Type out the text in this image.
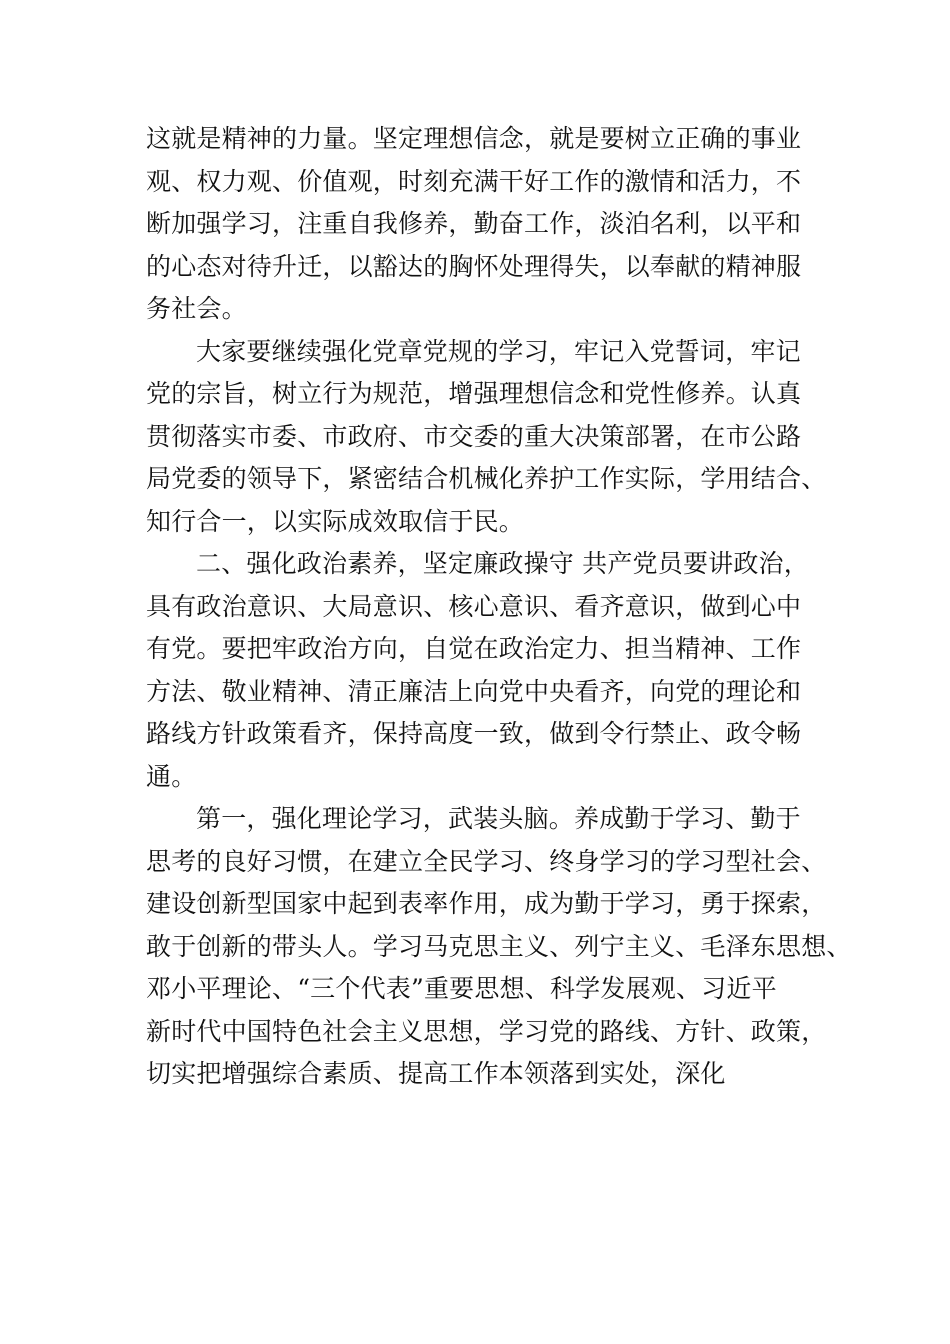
这就是精神的力量。坚定理想信念，就是要树立正确的事业
观、权力观、价值观，时刻充满干好工作的激情和活力，不
断加强学习，注重自我修养，勤奋工作，淡泊名利，以平和
的心态对待升迁，以豁达的胸怀处理得失，以奉献的精神服
务社会。
大家要继续强化党章党规的学习，牢记入党誓词，牢记
党的宗旨，树立行为规范，增强理想信念和党性修养。认真
贯彻落实市委、市政府、市交委的重大决策部署，在市公路
局党委的领导下，紧密结合机械化养护工作实际，学用结合、
知行合一，以实际成效取信于民。
二、强化政治素养，坚定廉政操守 共产党员要讲政治，
具有政治意识、大局意识、核心意识、看齐意识，做到心中
有党。要把牢政治方向，自觉在政治定力、担当精神、工作
方法、敬业精神、清正廉洁上向党中央看齐，向党的理论和
路线方针政策看齐，保持高度一致，做到令行禁止、政令畅
通。
第一，强化理论学习，武装头脑。养成勤于学习、勤于
思考的良好习惯，在建立全民学习、终身学习的学习型社会、
建设创新型国家中起到表率作用，成为勤于学习，勇于探索，
敢于创新的带头人。学习马克思主义、列宁主义、毛泽东思想、
邓小平理论、“三个代表”重要思想、科学发展观、习近平
新时代中国特色社会主义思想，学习党的路线、方针、政策，
切实把增强综合素质、提高工作本领落到实处，深化
